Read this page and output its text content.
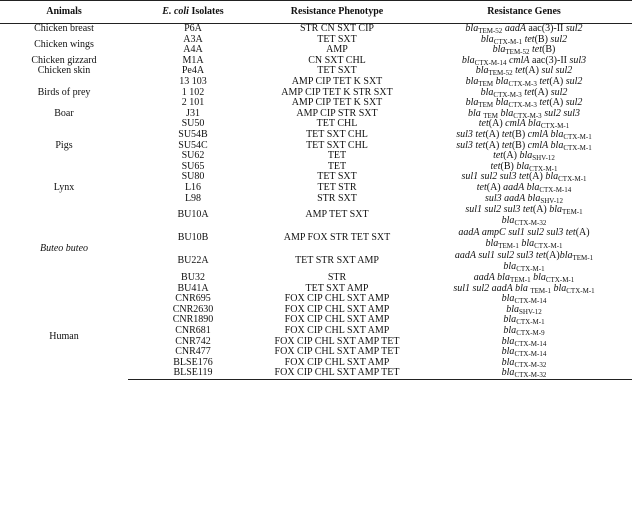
Animals	E. coli Isolates	Resistance Phenotype	Resistance Genes
Chicken breast	P6A	STR CN SXT CIP	bla$_{TEM-52}$ aadA aac(3)-II sul2
Chicken wings	A3A	TET SXT	bla$_{CTX-M-1}$ tet(B) sul2
	A4A	AMP	bla$_{TEM-52}$ tet(B)
Chicken gizzard	M1A	CN SXT CHL	bla$_{CTX-M-14}$ cmlA aac(3)-II sul3
Chicken skin	Pe4A	TET SXT	bla$_{TEM-52}$ tet(A) sul sul2
Birds of prey	13 103	AMP CIP TET K SXT	bla$_{TEM}$ bla$_{CTX-M-3}$ tet(A) sul2
	1 102	AMP CIP TET K STR SXT	bla$_{CTX-M-3}$ tet(A) sul2
	2 101	AMP CIP TET K SXT	bla$_{TEM}$ bla$_{CTX-M-3}$ tet(A) sul2
Boar	J31	AMP CIP STR SXT	bla $_{TEM}$ bla$_{CTX-M-3}$ sul2 sul3
Pigs	SU50	TET CHL	tet(A) cmlA bla$_{CTX-M-1}$
	SU54B	TET SXT CHL	sul3 tet(A) tet(B) cmlA bla$_{CTX-M-1}$
	SU54C	TET SXT CHL	sul3 tet(A) tet(B) cmlA bla$_{CTX-M-1}$
	SU62	TET	tet(A) bla$_{SHV-12}$
	SU65	TET	tet(B) bla$_{CTX-M-1}$
Lynx	SU80	TET SXT	sul1 sul2 sul3 tet(A) bla$_{CTX-M-1}$
	L16	TET STR	tet(A) aadA bla$_{CTX-M-14}$
	L98	STR SXT	sul3 aadA bla$_{SHV-12}$
Buteo buteo	BU10A	AMP TET SXT	sul1 sul2 sul3 tet(A) bla$_{TEM-1}$
bla$_{CTX-M-32}$
	BU10B	AMP FOX STR TET SXT	aadA ampC sul1 sul2 sul3 tet(A)
bla$_{TEM-1}$ bla$_{CTX-M-1}$
	BU22A	TET STR SXT AMP	aadA sul1 sul2 sul3 tet(A)bla$_{TEM-1}$
bla$_{CTX-M-1}$
	BU32	STR	aadA bla$_{TEM-1}$ bla$_{CTX-M-1}$
	BU41A	TET SXT AMP	sul1 sul2 aadA bla $_{TEM-1}$ bla$_{CTX-M-1}$
Human	CNR695	FOX CIP CHL SXT AMP	bla$_{CTX-M-14}$
	CNR2630	FOX CIP CHL SXT AMP	bla$_{SHV-12}$
	CNR1890	FOX CIP CHL SXT AMP	bla$_{CTX-M-1}$
	CNR681	FOX CIP CHL SXT AMP	bla$_{CTX-M-9}$
	CNR742	FOX CIP CHL SXT AMP TET	bla$_{CTX-M-14}$
	CNR477	FOX CIP CHL SXT AMP TET	bla$_{CTX-M-14}$
	BLSE176	FOX CIP CHL SXT AMP	bla$_{CTX-M-32}$
	BLSE119	FOX CIP CHL SXT AMP TET	bla$_{CTX-M-32}$
